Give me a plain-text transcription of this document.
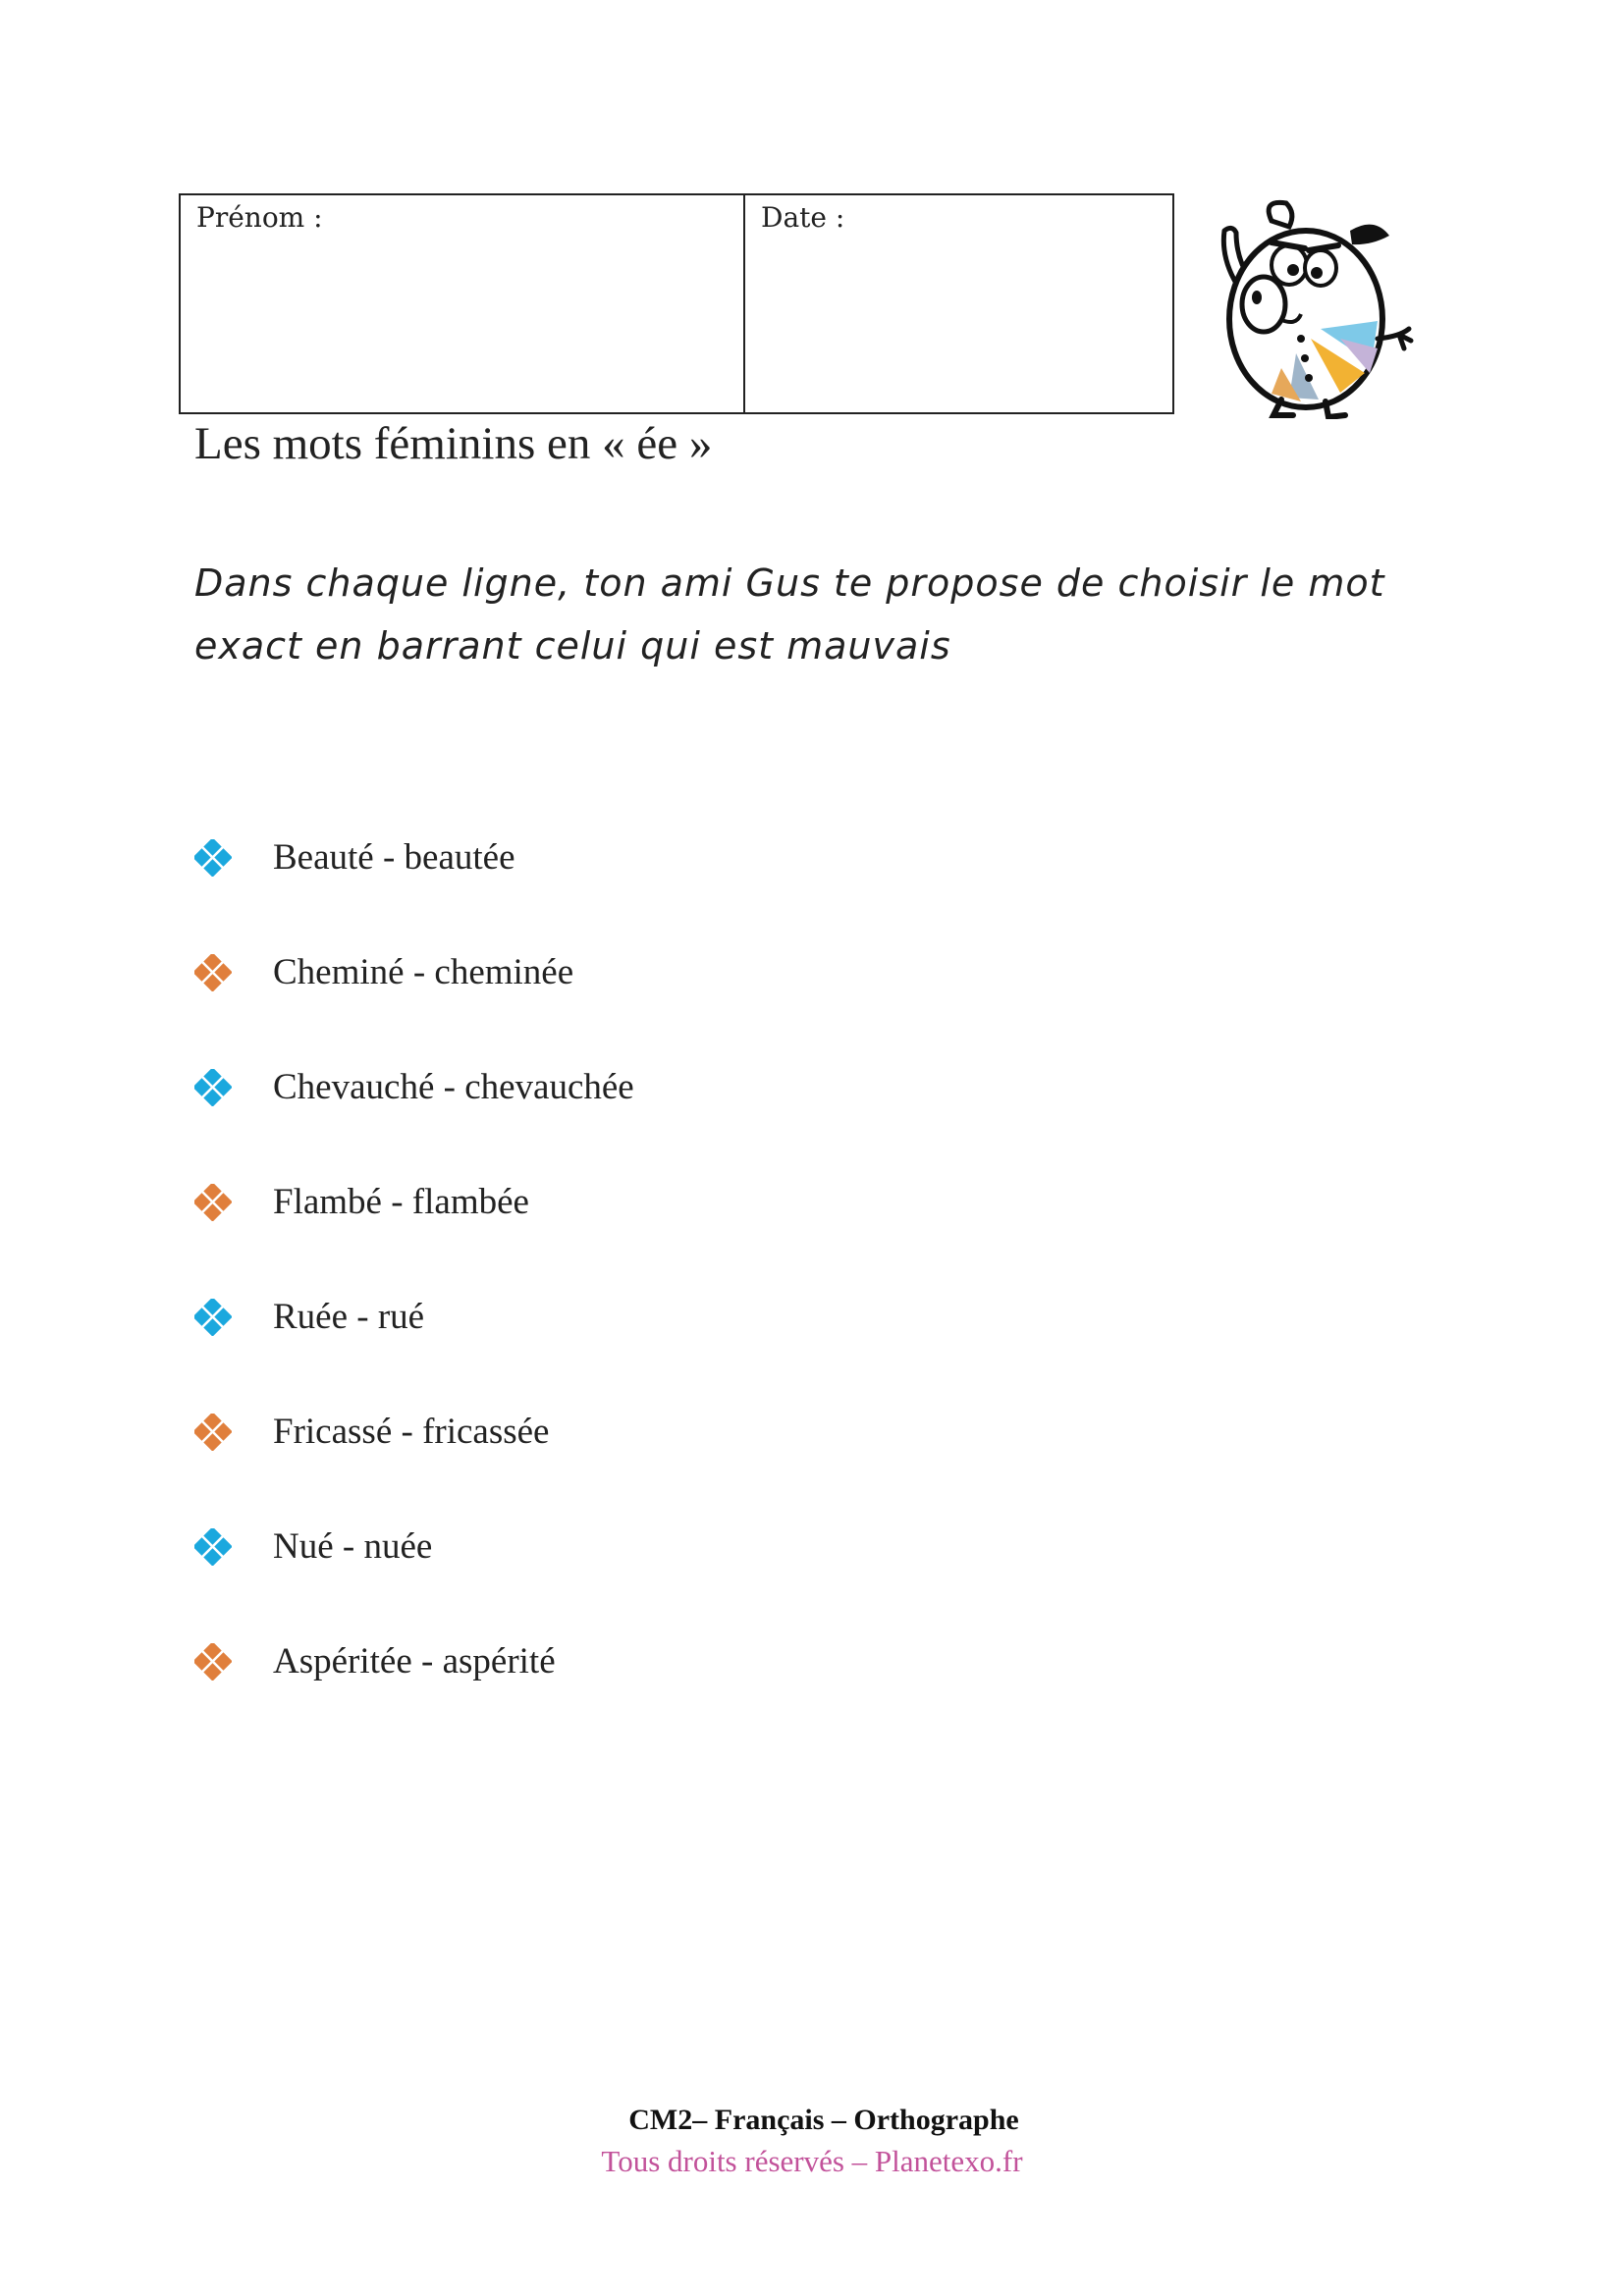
Prénom :	Date :
Les mots féminins en « ée »
Dans chaque ligne, ton ami Gus te propose de choisir le mot exact en barrant celui qui est mauvais
Beauté - beautée
Cheminé - cheminée
Chevauché - chevauchée
Flambé - flambée
Ruée - rué
Fricassé - fricassée
Nué - nuée
Aspéritée - aspérité
CM2– Français – Orthographe
Tous droits réservés – Planetexo.fr
